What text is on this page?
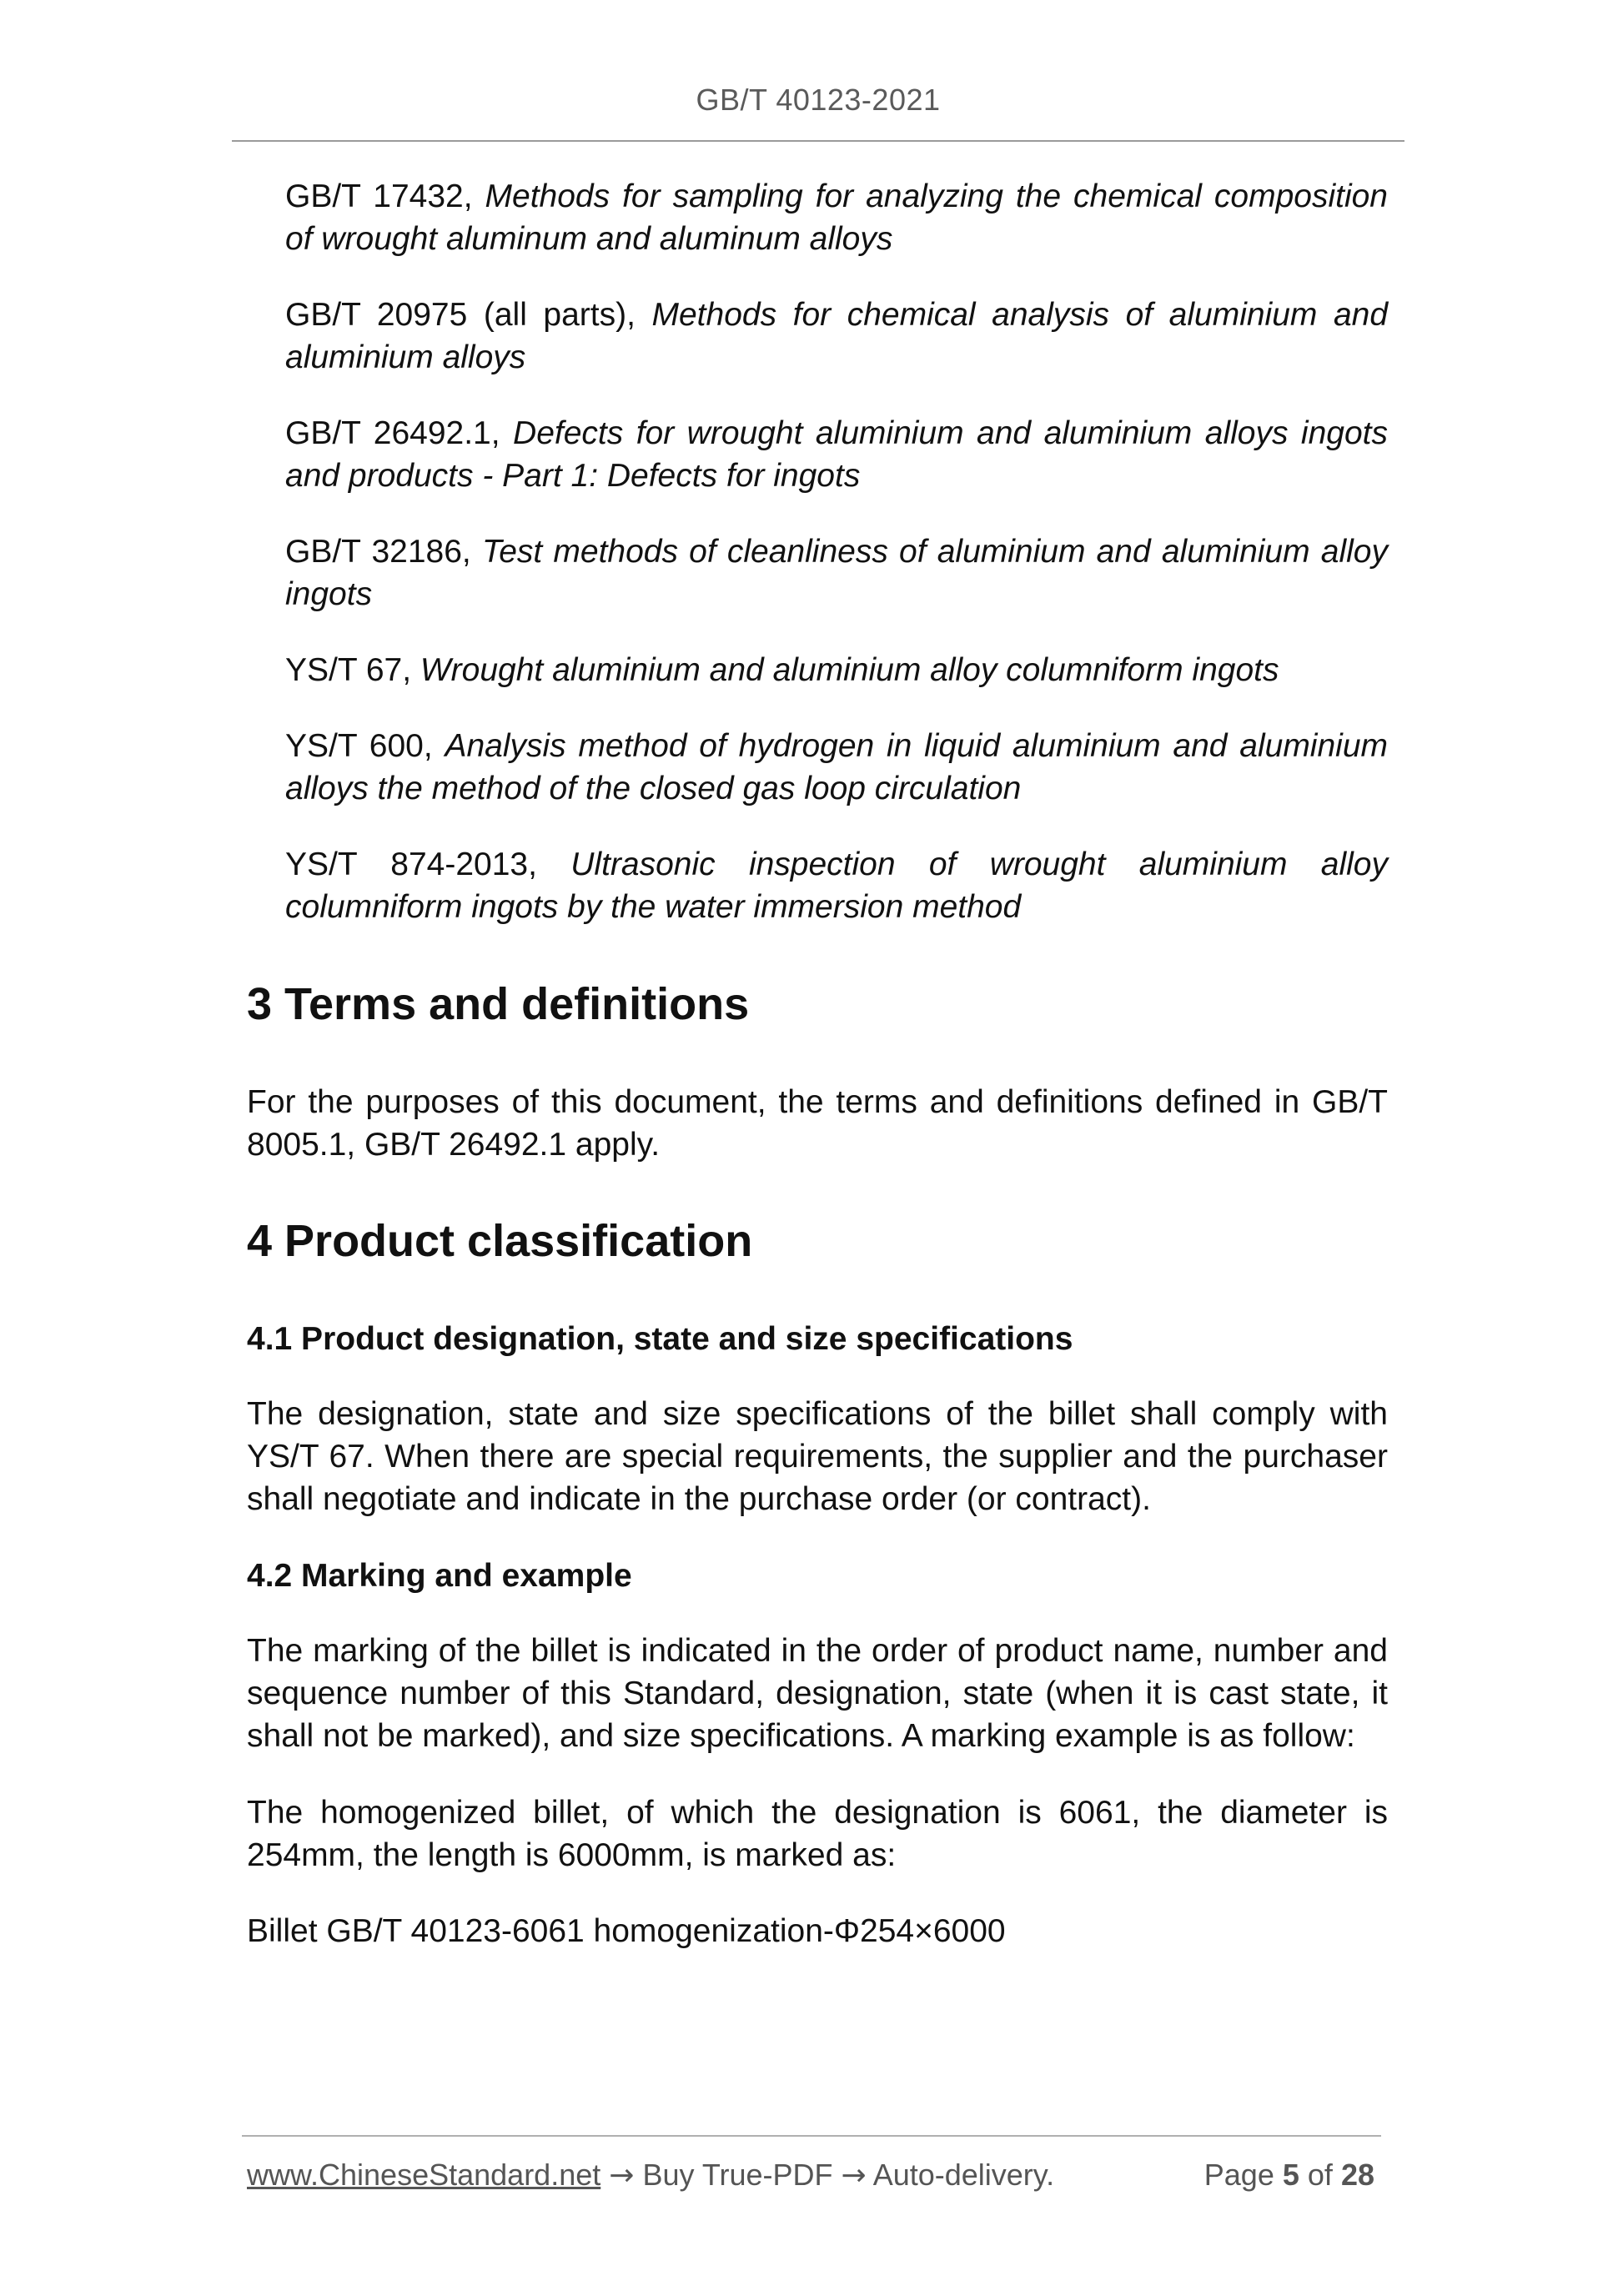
GB/T 40123-2021

GB/T 17432, Methods for sampling for analyzing the chemical composition of wrought aluminum and aluminum alloys

GB/T 20975 (all parts), Methods for chemical analysis of aluminium and aluminium alloys

GB/T 26492.1, Defects for wrought aluminium and aluminium alloys ingots and products - Part 1: Defects for ingots

GB/T 32186, Test methods of cleanliness of aluminium and aluminium alloy ingots

YS/T 67, Wrought aluminium and aluminium alloy columniform ingots

YS/T 600, Analysis method of hydrogen in liquid aluminium and aluminium alloys the method of the closed gas loop circulation

YS/T 874-2013, Ultrasonic inspection of wrought aluminium alloy columniform ingots by the water immersion method

3 Terms and definitions

For the purposes of this document, the terms and definitions defined in GB/T 8005.1, GB/T 26492.1 apply.

4 Product classification
4.1 Product designation, state and size specifications

The designation, state and size specifications of the billet shall comply with YS/T 67. When there are special requirements, the supplier and the purchaser shall negotiate and indicate in the purchase order (or contract).

4.2 Marking and example

The marking of the billet is indicated in the order of product name, number and sequence number of this Standard, designation, state (when it is cast state, it shall not be marked), and size specifications. A marking example is as follow:

The homogenized billet, of which the designation is 6061, the diameter is 254mm, the length is 6000mm, is marked as:

Billet GB/T 40123-6061 homogenization-Φ254×6000

www.ChineseStandard.net → Buy True-PDF → Auto-delivery.	Page 5 of 28
